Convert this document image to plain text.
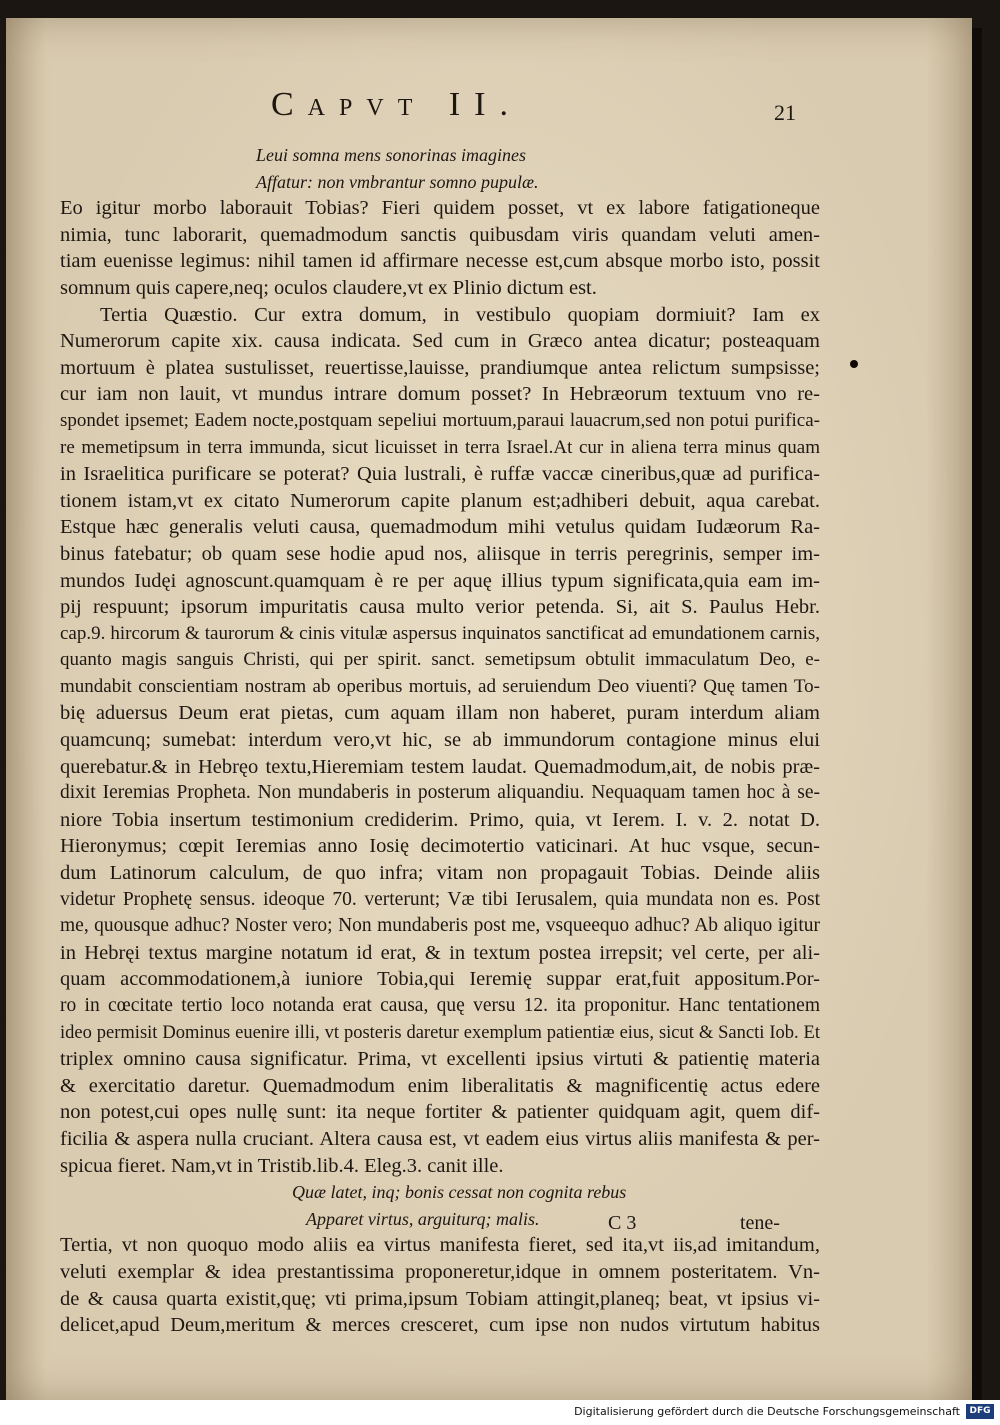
Capvt II.	21
Leui somna mens sonorinas imagines
Affatur: non vmbrantur somno pupulæ.
Eo igitur morbo laborauit Tobias? Fieri quidem posset, vt ex labore fatigationeque
nimia, tunc laborarit, quemadmodum sanctis quibusdam viris quandam veluti amen-
tiam euenisse legimus: nihil tamen id affirmare necesse est,cum absque morbo isto, possit
somnum quis capere,neq; oculos claudere,vt ex Plinio dictum est.
Tertia Quæstio. Cur extra domum, in vestibulo quopiam dormiuit? Iam ex
Numerorum capite xix. causa indicata. Sed cum in Græco antea dicatur; posteaquam
mortuum è platea sustulisset, reuertisse,lauisse, prandiumque antea relictum sumpsisse;
cur iam non lauit, vt mundus intrare domum posset? In Hebræorum textuum vno re-
spondet ipsemet; Eadem nocte,postquam sepeliui mortuum,paraui lauacrum,sed non potui purifica-
re memetipsum in terra immunda, sicut licuisset in terra Israel.At cur in aliena terra minus quam
in Israelitica purificare se poterat? Quia lustrali, è ruffæ vaccæ cineribus,quæ ad purifica-
tionem istam,vt ex citato Numerorum capite planum est;adhiberi debuit, aqua carebat.
Estque hæc generalis veluti causa, quemadmodum mihi vetulus quidam Iudæorum Ra-
binus fatebatur; ob quam sese hodie apud nos, aliisque in terris peregrinis, semper im-
mundos Iudęi agnoscunt.quamquam è re per aquę illius typum significata,quia eam im-
pij respuunt; ipsorum impuritatis causa multo verior petenda. Si, ait S. Paulus Hebr.
cap.9. hircorum & taurorum & cinis vitulæ aspersus inquinatos sanctificat ad emundationem carnis,
quanto magis sanguis Christi, qui per spirit. sanct. semetipsum obtulit immaculatum Deo, e-
mundabit conscientiam nostram ab operibus mortuis, ad seruiendum Deo viuenti? Quę tamen To-
bię aduersus Deum erat pietas, cum aquam illam non haberet, puram interdum aliam
quamcunq; sumebat: interdum vero,vt hic, se ab immundorum contagione minus elui
querebatur.& in Hebręo textu,Hieremiam testem laudat. Quemadmodum,ait, de nobis præ-
dixit Ieremias Propheta. Non mundaberis in posterum aliquandiu. Nequaquam tamen hoc à se-
niore Tobia insertum testimonium crediderim. Primo, quia, vt Ierem. I. v. 2. notat D.
Hieronymus; cœpit Ieremias anno Iosię decimotertio vaticinari. At huc vsque, secun-
dum Latinorum calculum, de quo infra; vitam non propagauit Tobias. Deinde aliis
videtur Prophetę sensus. ideoque 70. verterunt; Væ tibi Ierusalem, quia mundata non es. Post
me, quousque adhuc? Noster vero; Non mundaberis post me, vsqueequo adhuc? Ab aliquo igitur
in Hebręi textus margine notatum id erat, & in textum postea irrepsit; vel certe, per ali-
quam accommodationem,à iuniore Tobia,qui Ieremię suppar erat,fuit appositum.Por-
ro in cœcitate tertio loco notanda erat causa, quę versu 12. ita proponitur. Hanc tentationem
ideo permisit Dominus euenire illi, vt posteris daretur exemplum patientiæ eius, sicut & Sancti Iob. Et
triplex omnino causa significatur. Prima, vt excellenti ipsius virtuti & patientię materia
& exercitatio daretur. Quemadmodum enim liberalitatis & magnificentię actus edere
non potest,cui opes nullę sunt: ita neque fortiter & patienter quidquam agit, quem dif-
ficilia & aspera nulla cruciant. Altera causa est, vt eadem eius virtus aliis manifesta & per-
spicua fieret. Nam,vt in Tristib.lib.4. Eleg.3. canit ille.
Quæ latet, inq; bonis cessat non cognita rebus
Apparet virtus, arguiturq; malis.
Tertia, vt non quoquo modo aliis ea virtus manifesta fieret, sed ita,vt iis,ad imitandum,
veluti exemplar & idea prestantissima proponeretur,idque in omnem posteritatem. Vn-
de & causa quarta existit,quę; vti prima,ipsum Tobiam attingit,planeq; beat, vt ipsius vi-
delicet,apud Deum,meritum & merces cresceret, cum ipse non nudos virtutum habitus
C 3	tene-
Digitalisierung gefördert durch die Deutsche Forschungsgemeinschaft	DFG
